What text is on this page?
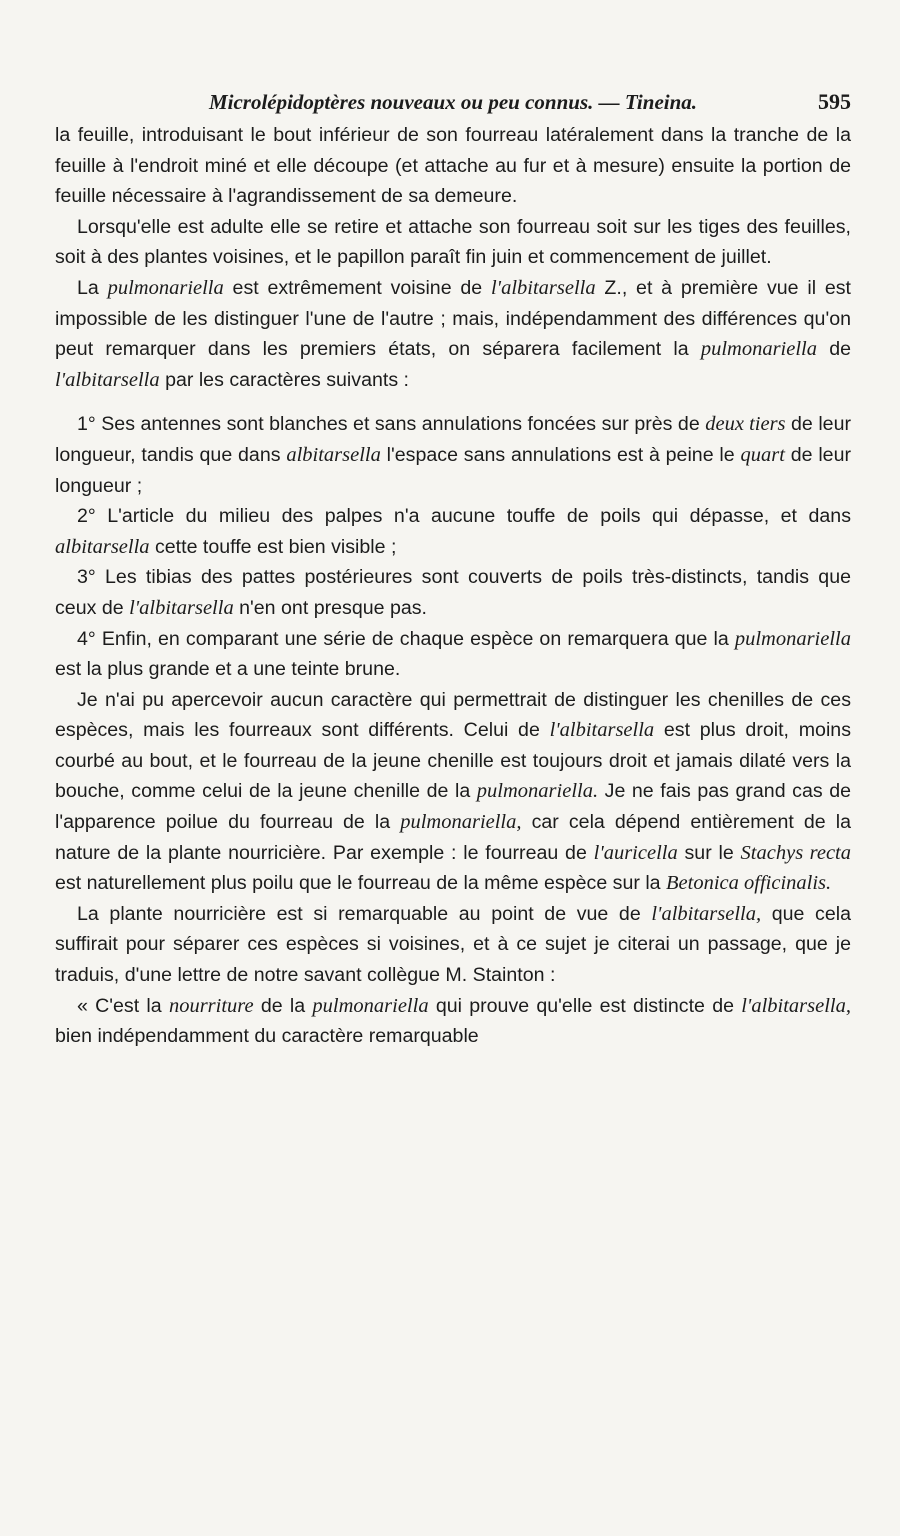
Microlépidoptères nouveaux ou peu connus. — Tineina.	595

la feuille, introduisant le bout inférieur de son fourreau latéralement dans la tranche de la feuille à l'endroit miné et elle découpe (et attache au fur et à mesure) ensuite la portion de feuille nécessaire à l'agrandissement de sa demeure.

Lorsqu'elle est adulte elle se retire et attache son fourreau soit sur les tiges des feuilles, soit à des plantes voisines, et le papillon paraît fin juin et commencement de juillet.

La pulmonariella est extrêmement voisine de l'albitarsella Z., et à première vue il est impossible de les distinguer l'une de l'autre ; mais, indépendamment des différences qu'on peut remarquer dans les premiers états, on séparera facilement la pulmonariella de l'albitarsella par les caractères suivants :

1° Ses antennes sont blanches et sans annulations foncées sur près de deux tiers de leur longueur, tandis que dans albitarsella l'espace sans annulations est à peine le quart de leur longueur ;

2° L'article du milieu des palpes n'a aucune touffe de poils qui dépasse, et dans albitarsella cette touffe est bien visible ;

3° Les tibias des pattes postérieures sont couverts de poils très-distincts, tandis que ceux de l'albitarsella n'en ont presque pas.

4° Enfin, en comparant une série de chaque espèce on remarquera que la pulmonariella est la plus grande et a une teinte brune.

Je n'ai pu apercevoir aucun caractère qui permettrait de distinguer les chenilles de ces espèces, mais les fourreaux sont différents. Celui de l'albitarsella est plus droit, moins courbé au bout, et le fourreau de la jeune chenille est toujours droit et jamais dilaté vers la bouche, comme celui de la jeune chenille de la pulmonariella. Je ne fais pas grand cas de l'apparence poilue du fourreau de la pulmonariella, car cela dépend entièrement de la nature de la plante nourricière. Par exemple : le fourreau de l'auricella sur le Stachys recta est naturellement plus poilu que le fourreau de la même espèce sur la Betonica officinalis.

La plante nourricière est si remarquable au point de vue de l'albitarsella, que cela suffirait pour séparer ces espèces si voisines, et à ce sujet je citerai un passage, que je traduis, d'une lettre de notre savant collègue M. Stainton :

« C'est la nourriture de la pulmonariella qui prouve qu'elle est distincte de l'albitarsella, bien indépendamment du caractère remarquable
